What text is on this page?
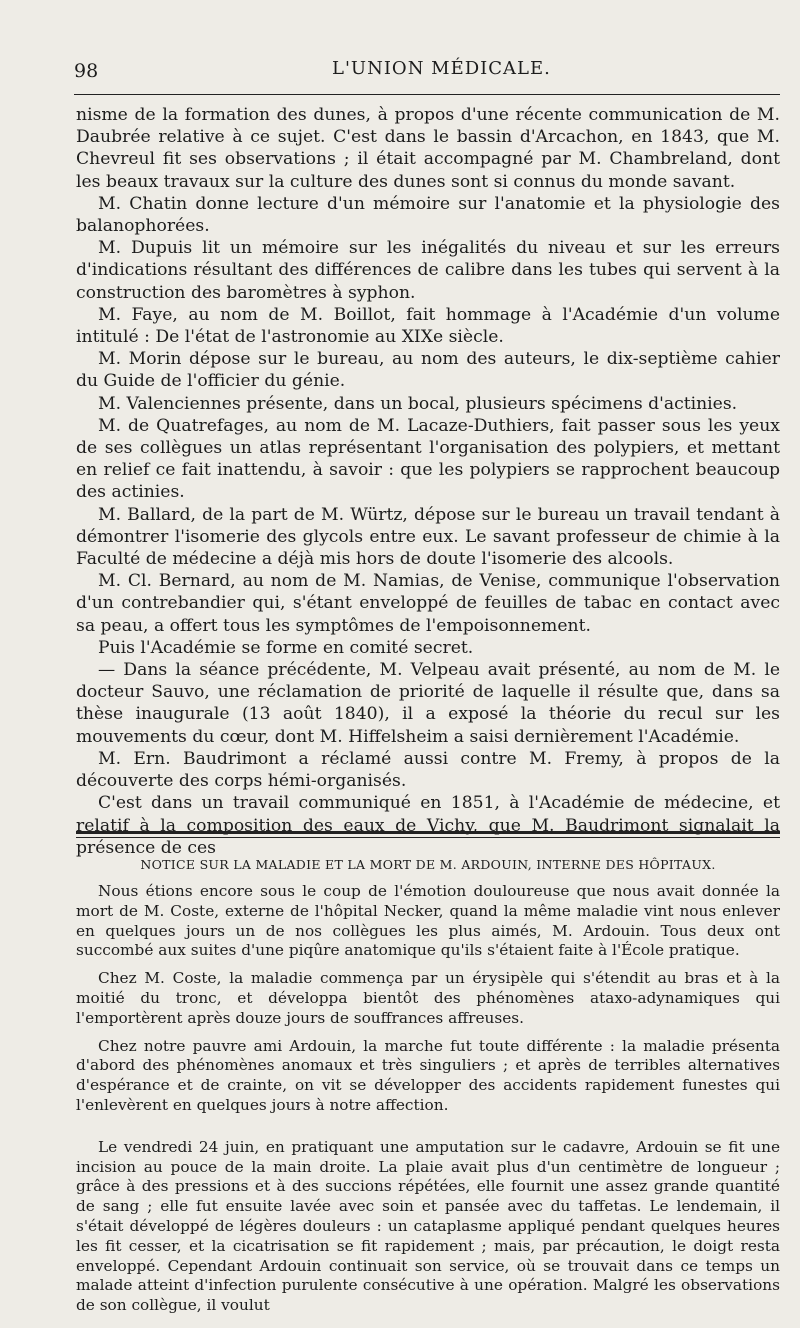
98	L'UNION MÉDICALE.

nisme de la formation des dunes, à propos d'une récente communication de M. Daubrée relative à ce sujet. C'est dans le bassin d'Arcachon, en 1843, que M. Chevreul fit ses observations ; il était accompagné par M. Chambreland, dont les beaux travaux sur la culture des dunes sont si connus du monde savant.

M. Chatin donne lecture d'un mémoire sur l'anatomie et la physiologie des balanophorées.

M. Dupuis lit un mémoire sur les inégalités du niveau et sur les erreurs d'indications résultant des différences de calibre dans les tubes qui servent à la construction des baromètres à syphon.

M. Faye, au nom de M. Boillot, fait hommage à l'Académie d'un volume intitulé : De l'état de l'astronomie au XIXe siècle.

M. Morin dépose sur le bureau, au nom des auteurs, le dix-septième cahier du Guide de l'officier du génie.

M. Valenciennes présente, dans un bocal, plusieurs spécimens d'actinies.

M. de Quatrefages, au nom de M. Lacaze-Duthiers, fait passer sous les yeux de ses collègues un atlas représentant l'organisation des polypiers, et mettant en relief ce fait inattendu, à savoir : que les polypiers se rapprochent beaucoup des actinies.

M. Ballard, de la part de M. Würtz, dépose sur le bureau un travail tendant à démontrer l'isomerie des glycols entre eux. Le savant professeur de chimie à la Faculté de médecine a déjà mis hors de doute l'isomerie des alcools.

M. Cl. Bernard, au nom de M. Namias, de Venise, communique l'observation d'un contrebandier qui, s'étant enveloppé de feuilles de tabac en contact avec sa peau, a offert tous les symptômes de l'empoisonnement.

Puis l'Académie se forme en comité secret.

— Dans la séance précédente, M. Velpeau avait présenté, au nom de M. le docteur Sauvo, une réclamation de priorité de laquelle il résulte que, dans sa thèse inaugurale (13 août 1840), il a exposé la théorie du recul sur les mouvements du cœur, dont M. Hiffelsheim a saisi dernièrement l'Académie.

M. Ern. Baudrimont a réclamé aussi contre M. Fremy, à propos de la découverte des corps hémi-organisés.

C'est dans un travail communiqué en 1851, à l'Académie de médecine, et relatif à la composition des eaux de Vichy, que M. Baudrimont signalait la présence de ces

NOTICE SUR LA MALADIE ET LA MORT DE M. ARDOUIN, INTERNE DES HÔPITAUX.

Nous étions encore sous le coup de l'émotion douloureuse que nous avait donnée la mort de M. Coste, externe de l'hôpital Necker, quand la même maladie vint nous enlever en quelques jours un de nos collègues les plus aimés, M. Ardouin. Tous deux ont succombé aux suites d'une piqûre anatomique qu'ils s'étaient faite à l'École pratique.

Chez M. Coste, la maladie commença par un érysipèle qui s'étendit au bras et à la moitié du tronc, et développa bientôt des phénomènes ataxo-adynamiques qui l'emportèrent après douze jours de souffrances affreuses.

Chez notre pauvre ami Ardouin, la marche fut toute différente : la maladie présenta d'abord des phénomènes anomaux et très singuliers ; et après de terribles alternatives d'espérance et de crainte, on vit se développer des accidents rapidement funestes qui l'enlevèrent en quelques jours à notre affection.

Le vendredi 24 juin, en pratiquant une amputation sur le cadavre, Ardouin se fit une incision au pouce de la main droite. La plaie avait plus d'un centimètre de longueur ; grâce à des pressions et à des succions répétées, elle fournit une assez grande quantité de sang ; elle fut ensuite lavée avec soin et pansée avec du taffetas. Le lendemain, il s'était développé de légères douleurs : un cataplasme appliqué pendant quelques heures les fit cesser, et la cicatrisation se fit rapidement ; mais, par précaution, le doigt resta enveloppé. Cependant Ardouin continuait son service, où se trouvait dans ce temps un malade atteint d'infection purulente consécutive à une opération. Malgré les observations de son collègue, il voulut
